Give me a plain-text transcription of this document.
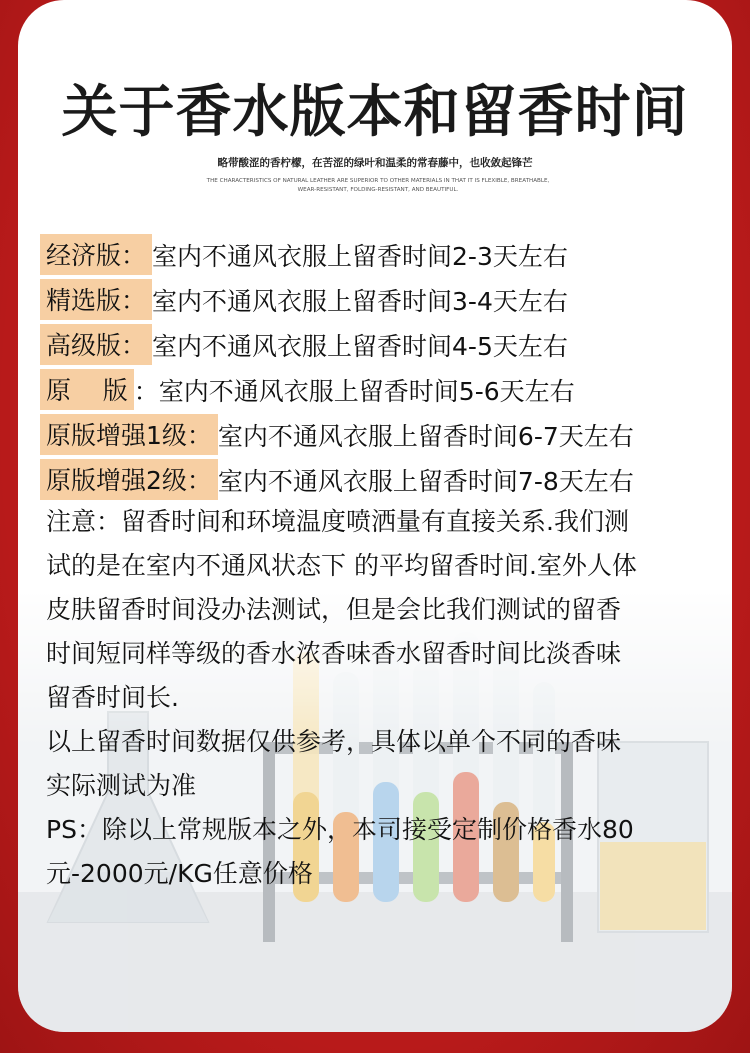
关于香水版本和留香时间
略带酸涩的香柠檬，在苦涩的绿叶和温柔的常春藤中，也收敛起锋芒
THE CHARACTERISTICS OF NATURAL LEATHER ARE SUPERIOR TO OTHER MATERIALS IN THAT IT IS FLEXIBLE, BREATHABLE,
WEAR-RESISTANT, FOLDING-RESISTANT, AND BEAUTIFUL.
经济版： 室内不通风衣服上留香时间2-3天左右
精选版： 室内不通风衣服上留香时间3-4天左右
高级版： 室内不通风衣服上留香时间4-5天左右
原    版 ：室内不通风衣服上留香时间5-6天左右
原版增强1级： 室内不通风衣服上留香时间6-7天左右
原版增强2级： 室内不通风衣服上留香时间7-8天左右

注意：留香时间和环境温度喷洒量有直接关系.我们测

试的是在室内不通风状态下 的平均留香时间.室外人体

皮肤留香时间没办法测试，但是会比我们测试的留香

时间短同样等级的香水浓香味香水留香时间比淡香味

留香时间长.

以上留香时间数据仅供参考，具体以单个不同的香味

实际测试为准

PS：除以上常规版本之外，本司接受定制价格香水80

元-2000元/KG任意价格
